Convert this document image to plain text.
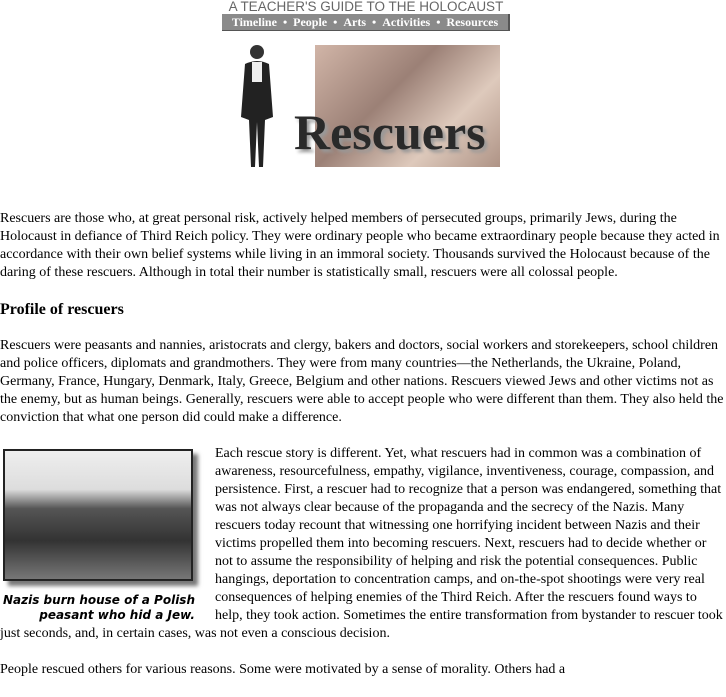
A TEACHER'S GUIDE TO THE HOLOCAUST
Timeline • People • Arts • Activities • Resources
Rescuers

Rescuers are those who, at great personal risk, actively helped members of persecuted groups, primarily Jews, during the Holocaust in defiance of Third Reich policy. They were ordinary people who became extraordinary people because they acted in accordance with their own belief systems while living in an immoral society. Thousands survived the Holocaust because of the daring of these rescuers. Although in total their number is statistically small, rescuers were all colossal people.

Profile of rescuers

Rescuers were peasants and nannies, aristocrats and clergy, bakers and doctors, social workers and storekeepers, school children and police officers, diplomats and grandmothers. They were from many countries—the Netherlands, the Ukraine, Poland, Germany, France, Hungary, Denmark, Italy, Greece, Belgium and other nations. Rescuers viewed Jews and other victims not as the enemy, but as human beings. Generally, rescuers were able to accept people who were different than them. They also held the conviction that what one person did could make a difference.

Nazis burn house of a Polish peasant who hid a Jew.

Each rescue story is different. Yet, what rescuers had in common was a combination of awareness, resourcefulness, empathy, vigilance, inventiveness, courage, compassion, and persistence. First, a rescuer had to recognize that a person was endangered, something that was not always clear because of the propaganda and the secrecy of the Nazis. Many rescuers today recount that witnessing one horrifying incident between Nazis and their victims propelled them into becoming rescuers. Next, rescuers had to decide whether or not to assume the responsibility of helping and risk the potential consequences. Public hangings, deportation to concentration camps, and on-the-spot shootings were very real consequences of helping enemies of the Third Reich. After the rescuers found ways to help, they took action. Sometimes the entire transformation from bystander to rescuer took just seconds, and, in certain cases, was not even a conscious decision.

People rescued others for various reasons. Some were motivated by a sense of morality. Others had a
